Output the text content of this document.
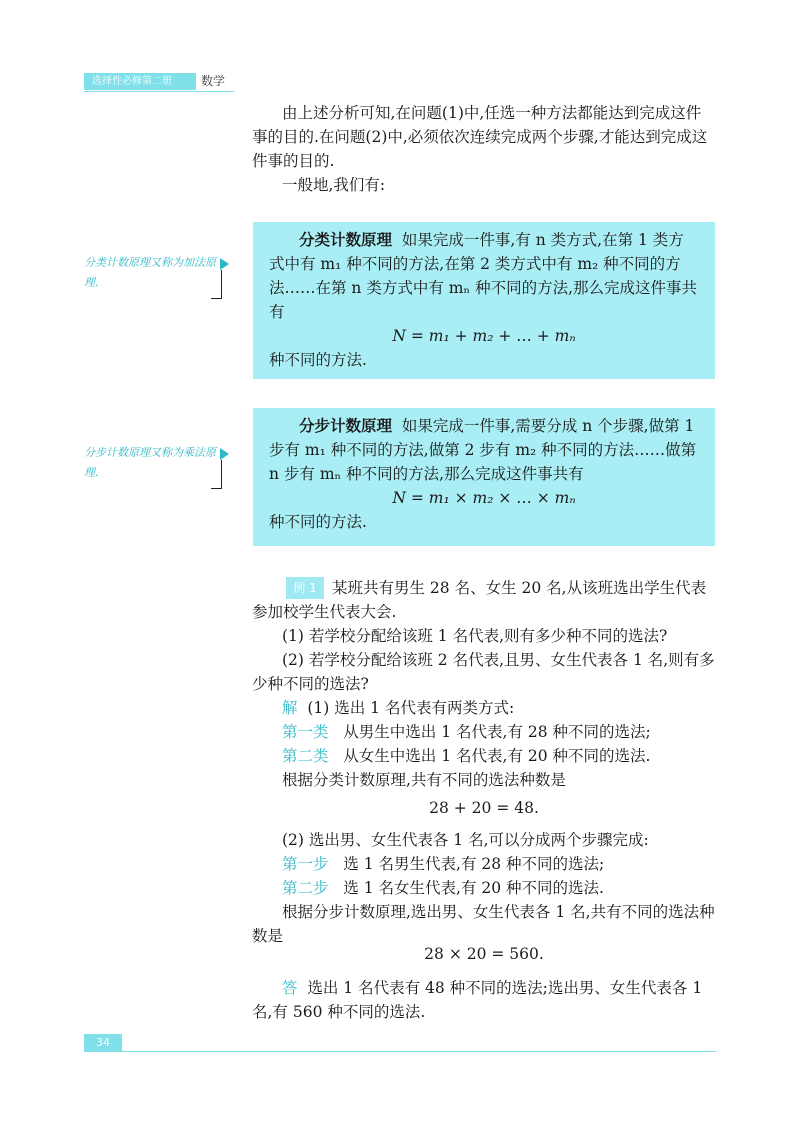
选择性必修第二册	数学

由上述分析可知,在问题(1)中,任选一种方法都能达到完成这件事的目的.在问题(2)中,必须依次连续完成两个步骤,才能达到完成这件事的目的.

一般地,我们有:

分类计数原理 如果完成一件事,有 n 类方式,在第 1 类方式中有 m₁ 种不同的方法,在第 2 类方式中有 m₂ 种不同的方法……在第 n 类方式中有 mₙ 种不同的方法,那么完成这件事共有
N = m₁ + m₂ + … + mₙ
种不同的方法.
分类计数原理又称为加法原理.
分步计数原理 如果完成一件事,需要分成 n 个步骤,做第 1 步有 m₁ 种不同的方法,做第 2 步有 m₂ 种不同的方法……做第 n 步有 mₙ 种不同的方法,那么完成这件事共有
N = m₁ × m₂ × … × mₙ
种不同的方法.
分步计数原理又称为乘法原理.
例 1 某班共有男生 28 名、女生 20 名,从该班选出学生代表参加校学生代表大会.

(1) 若学校分配给该班 1 名代表,则有多少种不同的选法?

(2) 若学校分配给该班 2 名代表,且男、女生代表各 1 名,则有多少种不同的选法?

解 (1) 选出 1 名代表有两类方式:

第一类 从男生中选出 1 名代表,有 28 种不同的选法;

第二类 从女生中选出 1 名代表,有 20 种不同的选法.

根据分类计数原理,共有不同的选法种数是

28 + 20 = 48.

(2) 选出男、女生代表各 1 名,可以分成两个步骤完成:

第一步 选 1 名男生代表,有 28 种不同的选法;

第二步 选 1 名女生代表,有 20 种不同的选法.

根据分步计数原理,选出男、女生代表各 1 名,共有不同的选法种数是

28 × 20 = 560.

答 选出 1 名代表有 48 种不同的选法;选出男、女生代表各 1 名,有 560 种不同的选法.

34
